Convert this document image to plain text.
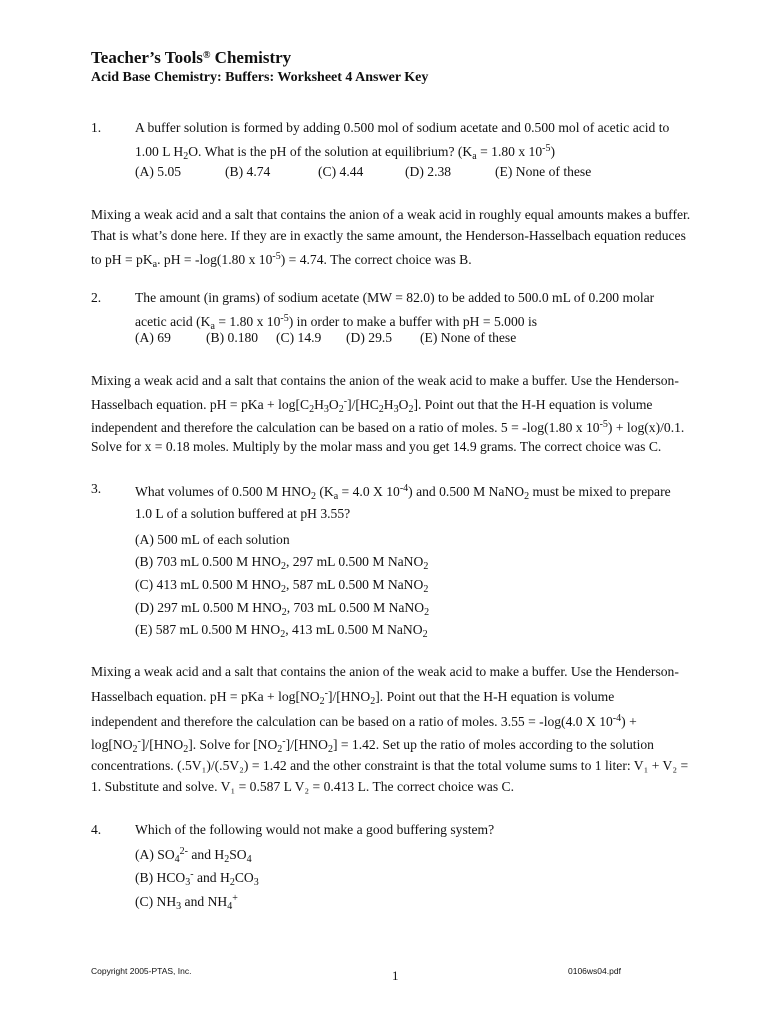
Teacher’s Tools® Chemistry
Acid Base Chemistry: Buffers: Worksheet 4 Answer Key
1. A buffer solution is formed by adding 0.500 mol of sodium acetate and 0.500 mol of acetic acid to
1.00 L $H_2O$. What is the pH of the solution at equilibrium? ($K_a = 1.80$ x $10^{-5}$)
(A) 5.05	(B) 4.74	(C) 4.44	(D) 2.38	(E) None of these
Mixing a weak acid and a salt that contains the anion of a weak acid in roughly equal amounts makes a buffer.
That is what’s done here. If they are in exactly the same amount, the Henderson-Hasselbach equation reduces
to pH = $pK_a$. pH = -log(1.80 x $10^{-5}) = 4.74$. The correct choice was B.
2. The amount (in grams) of sodium acetate (MW = 82.0) to be added to 500.0 mL of 0.200 molar
acetic acid ($K_a = 1.80$ x $10^{-5}$) in order to make a buffer with pH = 5.000 is
(A) 69	(B) 0.180	(C) 14.9	(D) 29.5	(E) None of these
Mixing a weak acid and a salt that contains the anion of the weak acid to make a buffer. Use the Henderson-
Hasselbach equation. pH = pKa + $\log[C_2H_3O_2^-]/[HC_2H_3O_2]$. Point out that the H-H equation is volume
independent and therefore the calculation can be based on a ratio of moles. 5 = -log(1.80 x $10^{-5}) + \log(x)/0.1$.
Solve for x = 0.18 moles. Multiply by the molar mass and you get 14.9 grams. The correct choice was C.
3. What volumes of 0.500 M $HNO_2$ ($K_a = 4.0$ X $10^{-4}$) and 0.500 M NaNO$_2$ must be mixed to prepare
1.0 L of a solution buffered at pH 3.55?
(A) 500 mL of each solution
(B) 703 mL 0.500 M $HNO_2$, 297 mL 0.500 M NaNO$_2$
(C) 413 mL 0.500 M $HNO_2$, 587 mL 0.500 M NaNO$_2$
(D) 297 mL 0.500 M $HNO_2$, 703 mL 0.500 M NaNO$_2$
(E) 587 mL 0.500 M $HNO_2$, 413 mL 0.500 M NaNO$_2$
Mixing a weak acid and a salt that contains the anion of the weak acid to make a buffer. Use the Henderson-
Hasselbach equation. pH = pKa + $\log[NO_2^-]/[HNO_2]$. Point out that the H-H equation is volume
independent and therefore the calculation can be based on a ratio of moles. 3.55 = -log(4.0 X $10^{-4}$) +
$\log[NO_2^-]/[HNO_2]$. Solve for $[NO_2^-]/[HNO_2] = 1.42$. Set up the ratio of moles according to the solution
concentrations. (.5V₁)/(.5V₂) = 1.42 and the other constraint is that the total volume sums to 1 liter: V₁ + V₂ =
1. Substitute and solve. V₁ = 0.587 L V₂ = 0.413 L. The correct choice was C.
4. Which of the following would not make a good buffering system?
(A) $SO_4^{2-}$ and $H_2SO_4$
(B) $HCO_3^-$ and $H_2CO_3$
(C) $NH_3$ and $NH_4^+$
Copyright 2005-PTAS, Inc.	1	0106ws04.pdf
